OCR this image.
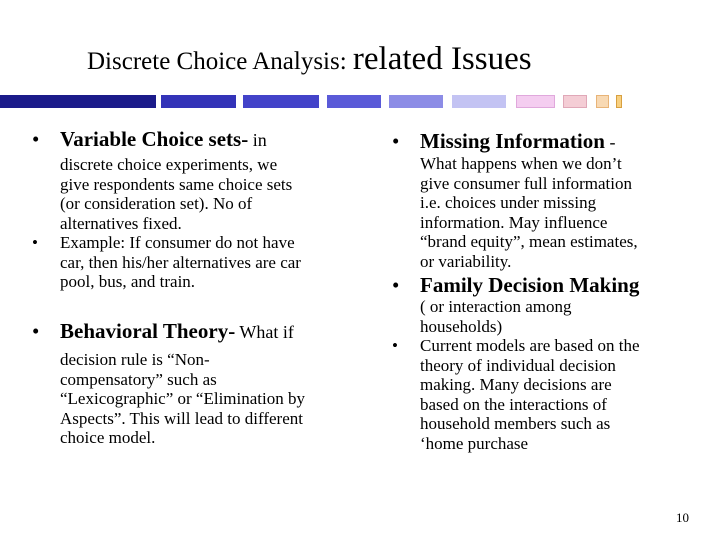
Discrete Choice Analysis: related Issues
• Variable Choice sets- in
discrete choice experiments, we
give respondents same choice sets
(or consideration set). No of
alternatives fixed.
• Example: If consumer do not have
car, then his/her alternatives are car
pool, bus, and train.
• Behavioral Theory- What if
decision rule is “Non-
compensatory” such as
“Lexicographic” or “Elimination by
Aspects”. This will lead to different
choice model.
• Missing Information -
What happens when we don’t
give consumer full information
i.e. choices under missing
information. May influence
“brand equity”, mean estimates,
or variability.
• Family Decision Making
( or interaction among
households)
• Current models are based on the
theory of individual decision
making. Many decisions are
based on the interactions of
household members such as
‘home purchase
10
